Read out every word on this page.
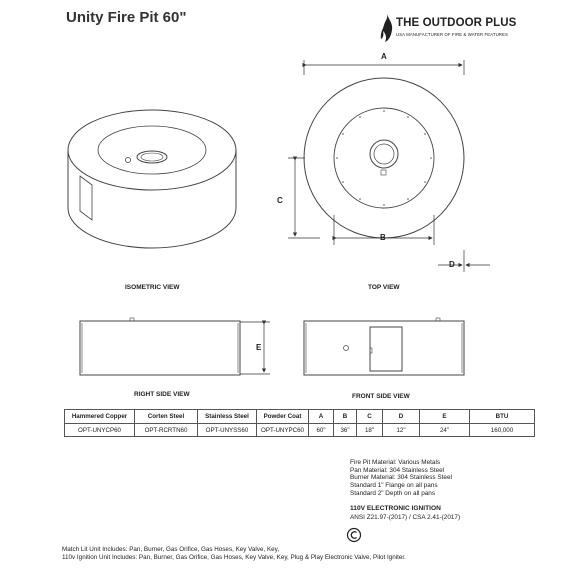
Unity Fire Pit 60"	THE OUTDOOR PLUS
USA MANUFACTURER OF FIRE & WATER FEATURES
A
B
C
D
E
ISOMETRIC VIEW	TOP VIEW
RIGHT SIDE VIEW	FRONT SIDE VIEW
Hammered Copper	Corten Steel	Stainless Steel	Powder Coat	A	B	C	D	E	BTU
OPT-UNYCP60	OPT-RCRTN60	OPT-UNYSS60	OPT-UNYPC60	60"	36"	18"	12"	24"	160,000
Fire Pit Material: Various Metals
Pan Material: 304 Stainless Steel
Burner Material: 304 Stainless Steel
Standard 1" Flange on all pans
Standard 2" Depth on all pans
110V ELECTRONIC IGNITION
ANSI Z21.97-(2017) / CSA 2.41-(2017)
Match Lit Unit Includes: Pan, Burner, Gas Orifice, Gas Hoses, Key Valve, Key,
110v Ignition Unit Includes: Pan, Burner, Gas Orifice, Gas Hoses, Key Valve, Key, Plug & Play Electronic Valve, Pilot Igniter.
